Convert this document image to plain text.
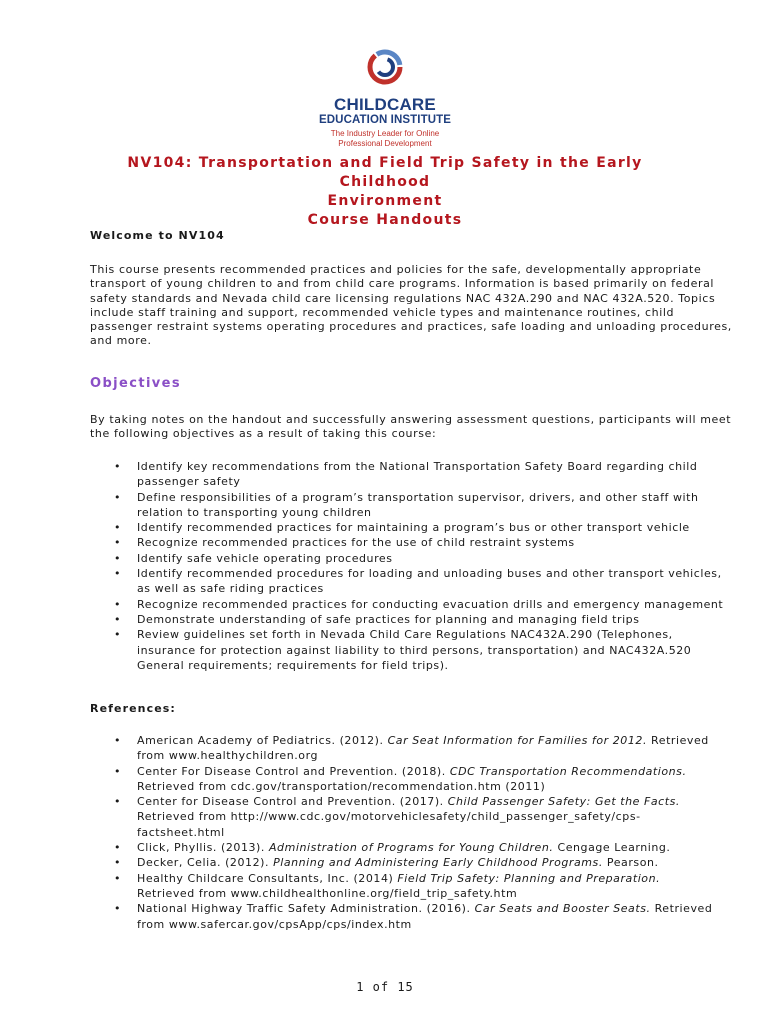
CHILDCARE
EDUCATION INSTITUTE
The Industry Leader for Online
Professional Development
NV104: Transportation and Field Trip Safety in the Early Childhood
Environment
Course Handouts
Welcome to NV104
This course presents recommended practices and policies for the safe, developmentally appropriate
transport of young children to and from child care programs. Information is based primarily on federal
safety standards and Nevada child care licensing regulations NAC 432A.290 and NAC 432A.520. Topics
include staff training and support, recommended vehicle types and maintenance routines, child
passenger restraint systems operating procedures and practices, safe loading and unloading procedures,
and more.
Objectives
By taking notes on the handout and successfully answering assessment questions, participants will meet
the following objectives as a result of taking this course:
• Identify key recommendations from the National Transportation Safety Board regarding child
passenger safety
• Define responsibilities of a program’s transportation supervisor, drivers, and other staff with
relation to transporting young children
• Identify recommended practices for maintaining a program’s bus or other transport vehicle
• Recognize recommended practices for the use of child restraint systems
• Identify safe vehicle operating procedures
• Identify recommended procedures for loading and unloading buses and other transport vehicles,
as well as safe riding practices
• Recognize recommended practices for conducting evacuation drills and emergency management
• Demonstrate understanding of safe practices for planning and managing field trips
• Review guidelines set forth in Nevada Child Care Regulations NAC432A.290 (Telephones,
insurance for protection against liability to third persons, transportation) and NAC432A.520
General requirements; requirements for field trips).
References:
• American Academy of Pediatrics. (2012). Car Seat Information for Families for 2012. Retrieved
from www.healthychildren.org
• Center For Disease Control and Prevention. (2018). CDC Transportation Recommendations.
Retrieved from cdc.gov/transportation/recommendation.htm (2011)
• Center for Disease Control and Prevention. (2017). Child Passenger Safety: Get the Facts.
Retrieved from http://www.cdc.gov/motorvehiclesafety/child_passenger_safety/cps-
factsheet.html
• Click, Phyllis. (2013). Administration of Programs for Young Children. Cengage Learning.
• Decker, Celia. (2012). Planning and Administering Early Childhood Programs. Pearson.
• Healthy Childcare Consultants, Inc. (2014) Field Trip Safety: Planning and Preparation.
Retrieved from www.childhealthonline.org/field_trip_safety.htm
• National Highway Traffic Safety Administration. (2016). Car Seats and Booster Seats. Retrieved
from www.safercar.gov/cpsApp/cps/index.htm
1 of 15
